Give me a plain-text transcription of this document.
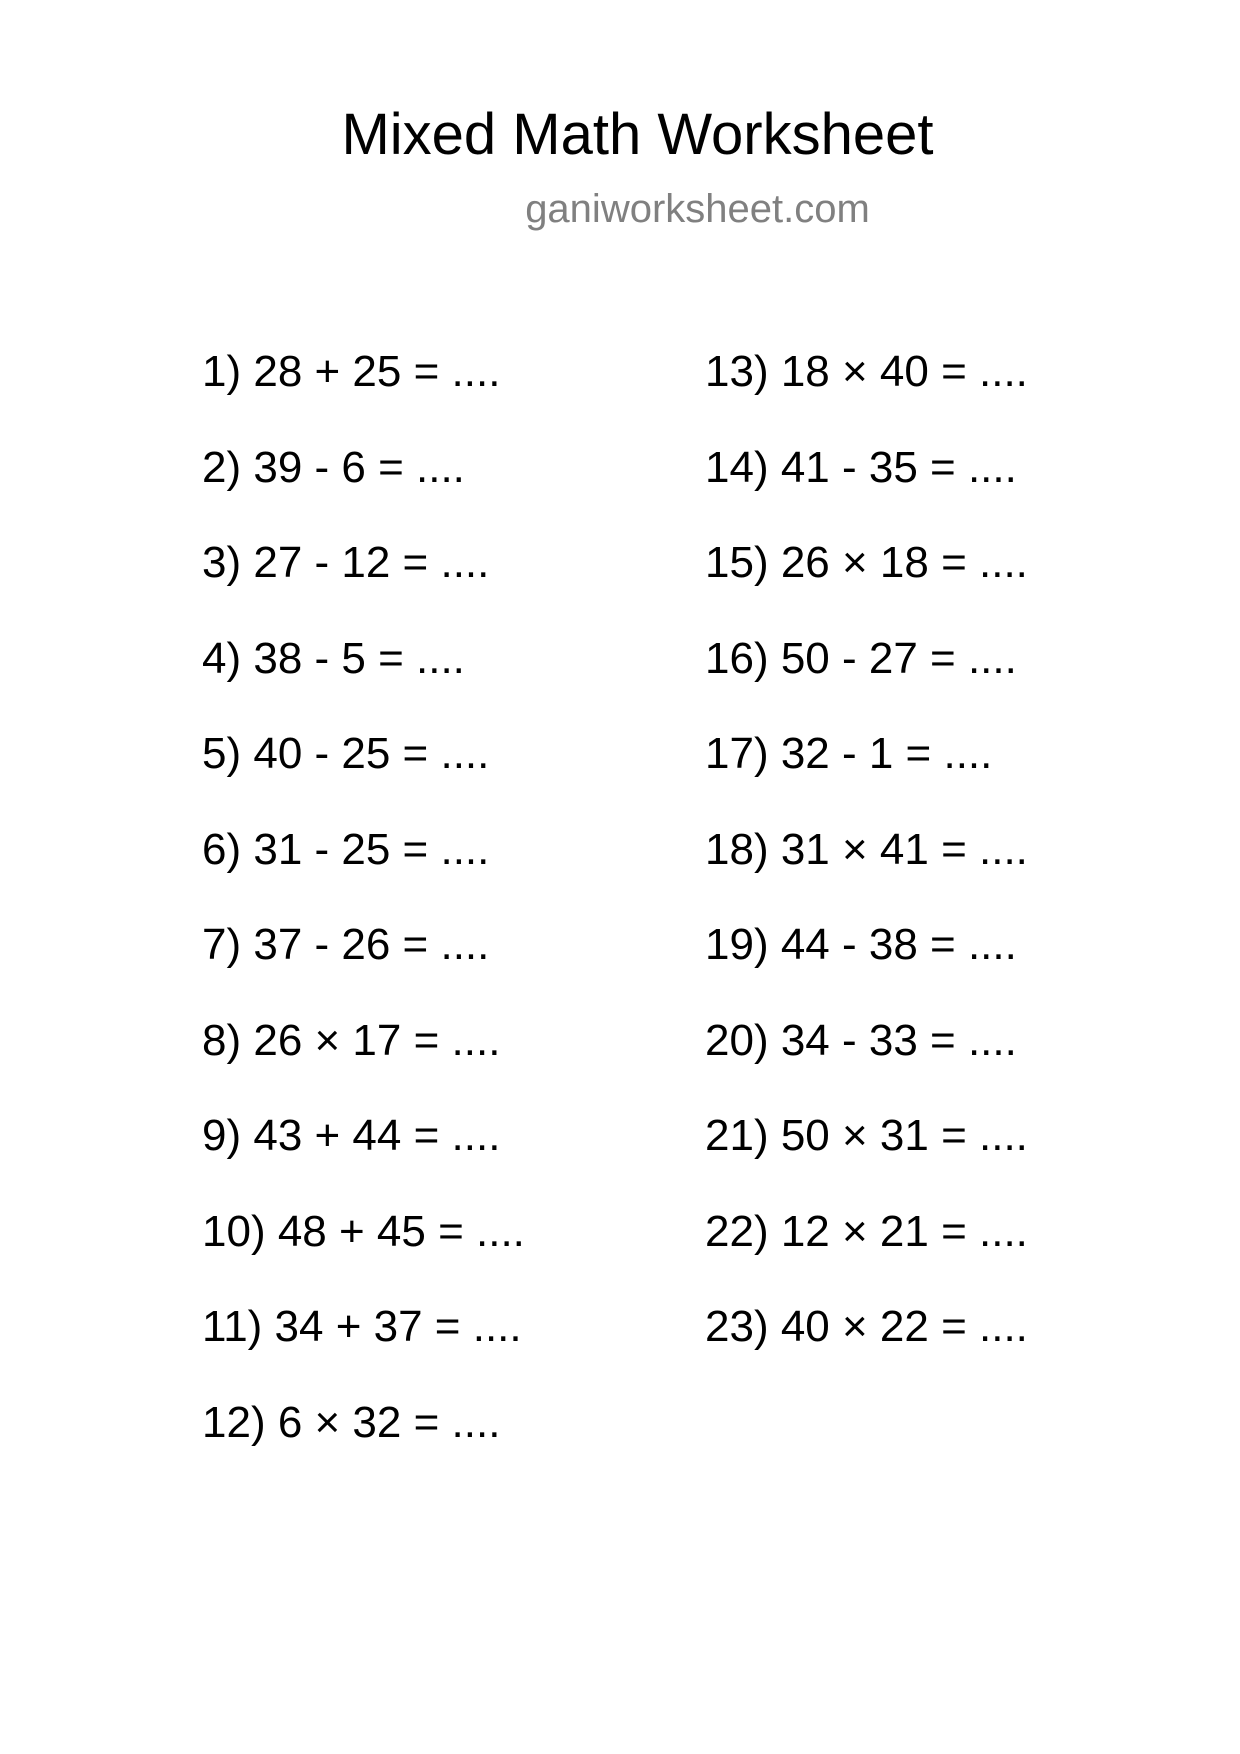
Mixed Math Worksheet
ganiworksheet.com
1) 28 + 25 = ....
2) 39 - 6 = ....
3) 27 - 12 = ....
4) 38 - 5 = ....
5) 40 - 25 = ....
6) 31 - 25 = ....
7) 37 - 26 = ....
8) 26 × 17 = ....
9) 43 + 44 = ....
10) 48 + 45 = ....
11) 34 + 37 = ....
12) 6 × 32 = ....
13) 18 × 40 = ....
14) 41 - 35 = ....
15) 26 × 18 = ....
16) 50 - 27 = ....
17) 32 - 1 = ....
18) 31 × 41 = ....
19) 44 - 38 = ....
20) 34 - 33 = ....
21) 50 × 31 = ....
22) 12 × 21 = ....
23) 40 × 22 = ....
